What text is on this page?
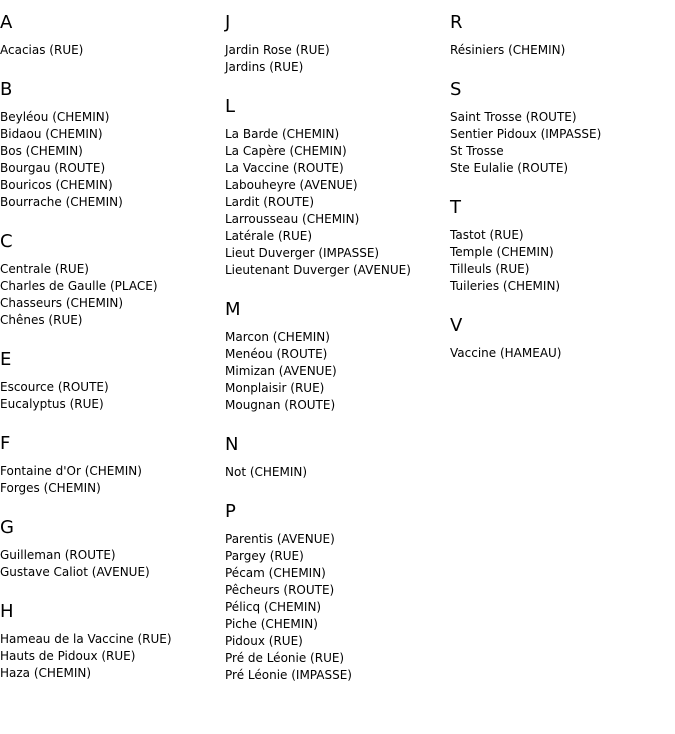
A
Acacias (RUE)
B
Beyléou (CHEMIN)
Bidaou (CHEMIN)
Bos (CHEMIN)
Bourgau (ROUTE)
Bouricos (CHEMIN)
Bourrache (CHEMIN)
C
Centrale (RUE)
Charles de Gaulle (PLACE)
Chasseurs (CHEMIN)
Chênes (RUE)
E
Escource (ROUTE)
Eucalyptus (RUE)
F
Fontaine d'Or (CHEMIN)
Forges (CHEMIN)
G
Guilleman (ROUTE)
Gustave Caliot (AVENUE)
H
Hameau de la Vaccine (RUE)
Hauts de Pidoux (RUE)
Haza (CHEMIN)
J
Jardin Rose (RUE)
Jardins (RUE)
L
La Barde (CHEMIN)
La Capère (CHEMIN)
La Vaccine (ROUTE)
Labouheyre (AVENUE)
Lardit (ROUTE)
Larrousseau (CHEMIN)
Latérale (RUE)
Lieut Duverger (IMPASSE)
Lieutenant Duverger (AVENUE)
M
Marcon (CHEMIN)
Menéou (ROUTE)
Mimizan (AVENUE)
Monplaisir (RUE)
Mougnan (ROUTE)
N
Not (CHEMIN)
P
Parentis (AVENUE)
Pargey (RUE)
Pécam (CHEMIN)
Pêcheurs (ROUTE)
Pélicq (CHEMIN)
Piche (CHEMIN)
Pidoux (RUE)
Pré de Léonie (RUE)
Pré Léonie (IMPASSE)
R
Résiniers (CHEMIN)
S
Saint Trosse (ROUTE)
Sentier Pidoux (IMPASSE)
St Trosse
Ste Eulalie (ROUTE)
T
Tastot (RUE)
Temple (CHEMIN)
Tilleuls (RUE)
Tuileries (CHEMIN)
V
Vaccine (HAMEAU)
